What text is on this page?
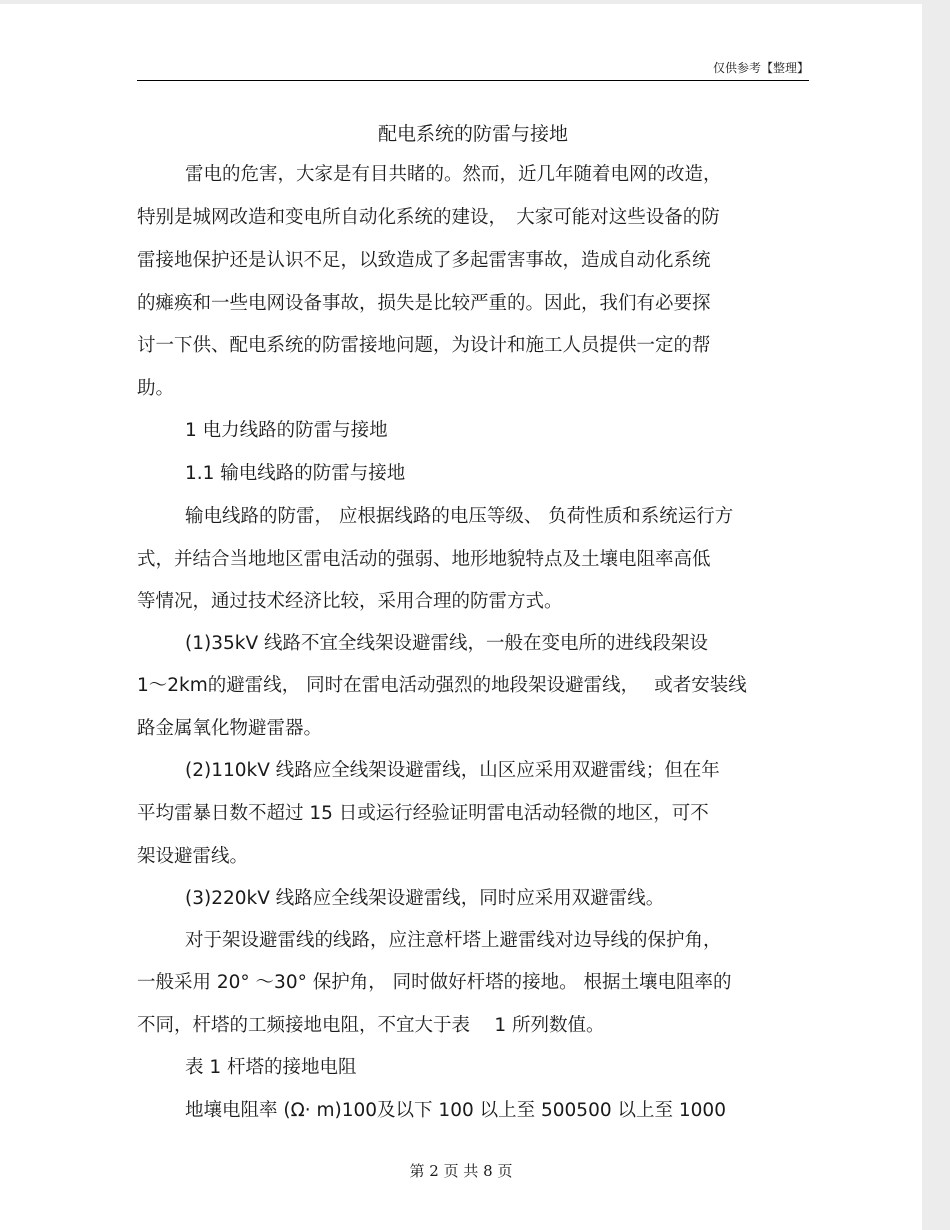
仅供参考【整理】
配电系统的防雷与接地
雷电的危害，大家是有目共睹的。然而，近几年随着电网的改造，
特别是城网改造和变电所自动化系统的建设，　大家可能对这些设备的防
雷接地保护还是认识不足，以致造成了多起雷害事故，造成自动化系统
的瘫痪和一些电网设备事故，损失是比较严重的。因此，我们有必要探
讨一下供、配电系统的防雷接地问题，为设计和施工人员提供一定的帮
助。
1 电力线路的防雷与接地
1.1 输电线路的防雷与接地
输电线路的防雷， 应根据线路的电压等级、 负荷性质和系统运行方
式，并结合当地地区雷电活动的强弱、地形地貌特点及土壤电阻率高低
等情况，通过技术经济比较，采用合理的防雷方式。
(1)35kV 线路不宜全线架设避雷线，一般在变电所的进线段架设
1～2km的避雷线， 同时在雷电活动强烈的地段架设避雷线，　 或者安装线
路金属氧化物避雷器。
(2)110kV 线路应全线架设避雷线，山区应采用双避雷线；但在年
平均雷暴日数不超过 15 日或运行经验证明雷电活动轻微的地区，可不
架设避雷线。
(3)220kV 线路应全线架设避雷线，同时应采用双避雷线。
对于架设避雷线的线路，应注意杆塔上避雷线对边导线的保护角，
一般采用 20° ～30° 保护角， 同时做好杆塔的接地。 根据土壤电阻率的
不同，杆塔的工频接地电阻，不宜大于表　 1 所列数值。
表 1 杆塔的接地电阻
地壤电阻率 (Ω· m)100及以下 100 以上至 500500 以上至 1000
第 2 页 共 8 页
